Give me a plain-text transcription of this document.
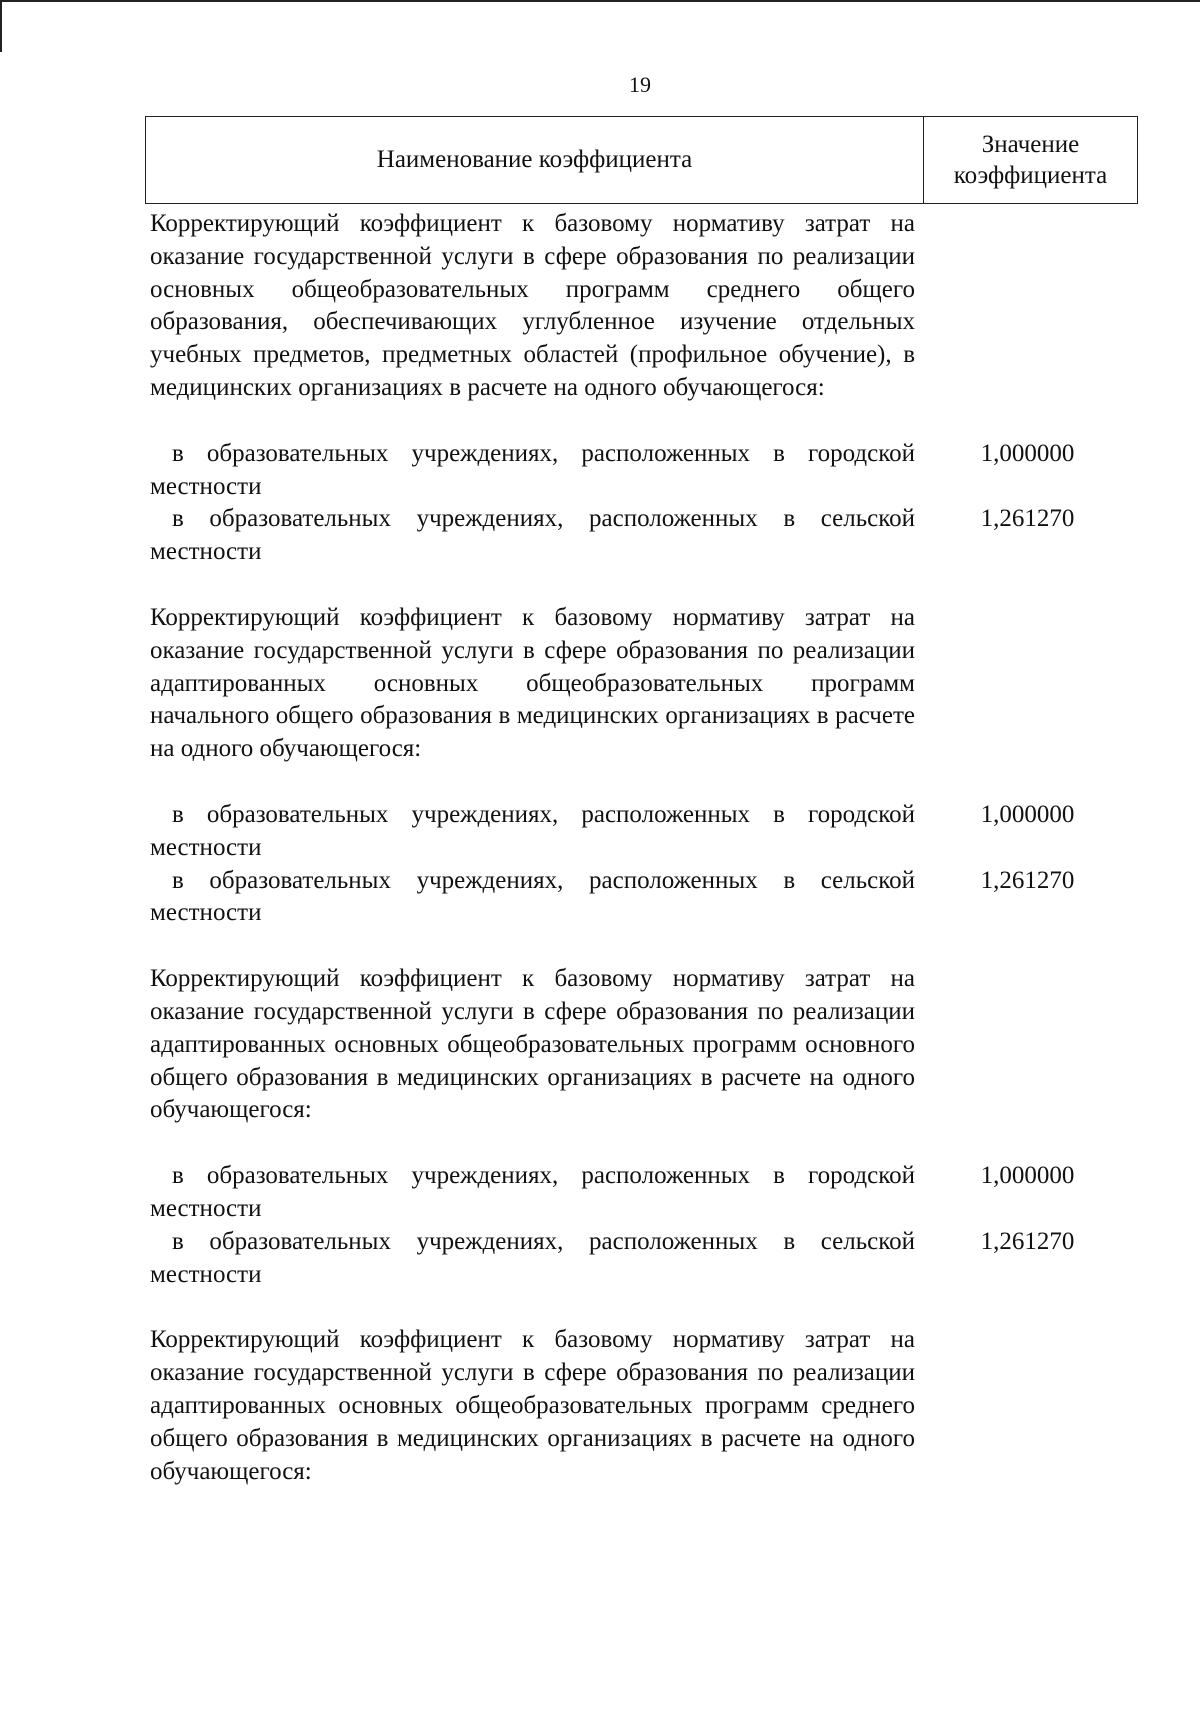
19
Наименование коэффициента
Значение
коэффициента
Корректирующий коэффициент к базовому нормативу затрат на оказание государственной услуги в сфере образования по реализации основных общеобразовательных программ среднего общего образования, обеспечивающих углубленное изучение отдельных учебных предметов, предметных областей (профильное обучение), в медицинских организациях в расчете на одного обучающегося:
в образовательных учреждениях, расположенных в городской местности
1,000000
в образовательных учреждениях, расположенных в сельской местности
1,261270
Корректирующий коэффициент к базовому нормативу затрат на оказание государственной услуги в сфере образования по реализации адаптированных основных общеобразовательных программ начального общего образования в медицинских организациях в расчете на одного обучающегося:
в образовательных учреждениях, расположенных в городской местности
1,000000
в образовательных учреждениях, расположенных в сельской местности
1,261270
Корректирующий коэффициент к базовому нормативу затрат на оказание государственной услуги в сфере образования по реализации адаптированных основных общеобразовательных программ основного общего образования в медицинских организациях в расчете на одного обучающегося:
в образовательных учреждениях, расположенных в городской местности
1,000000
в образовательных учреждениях, расположенных в сельской местности
1,261270
Корректирующий коэффициент к базовому нормативу затрат на оказание государственной услуги в сфере образования по реализации адаптированных основных общеобразовательных программ среднего общего образования в медицинских организациях в расчете на одного обучающегося:
